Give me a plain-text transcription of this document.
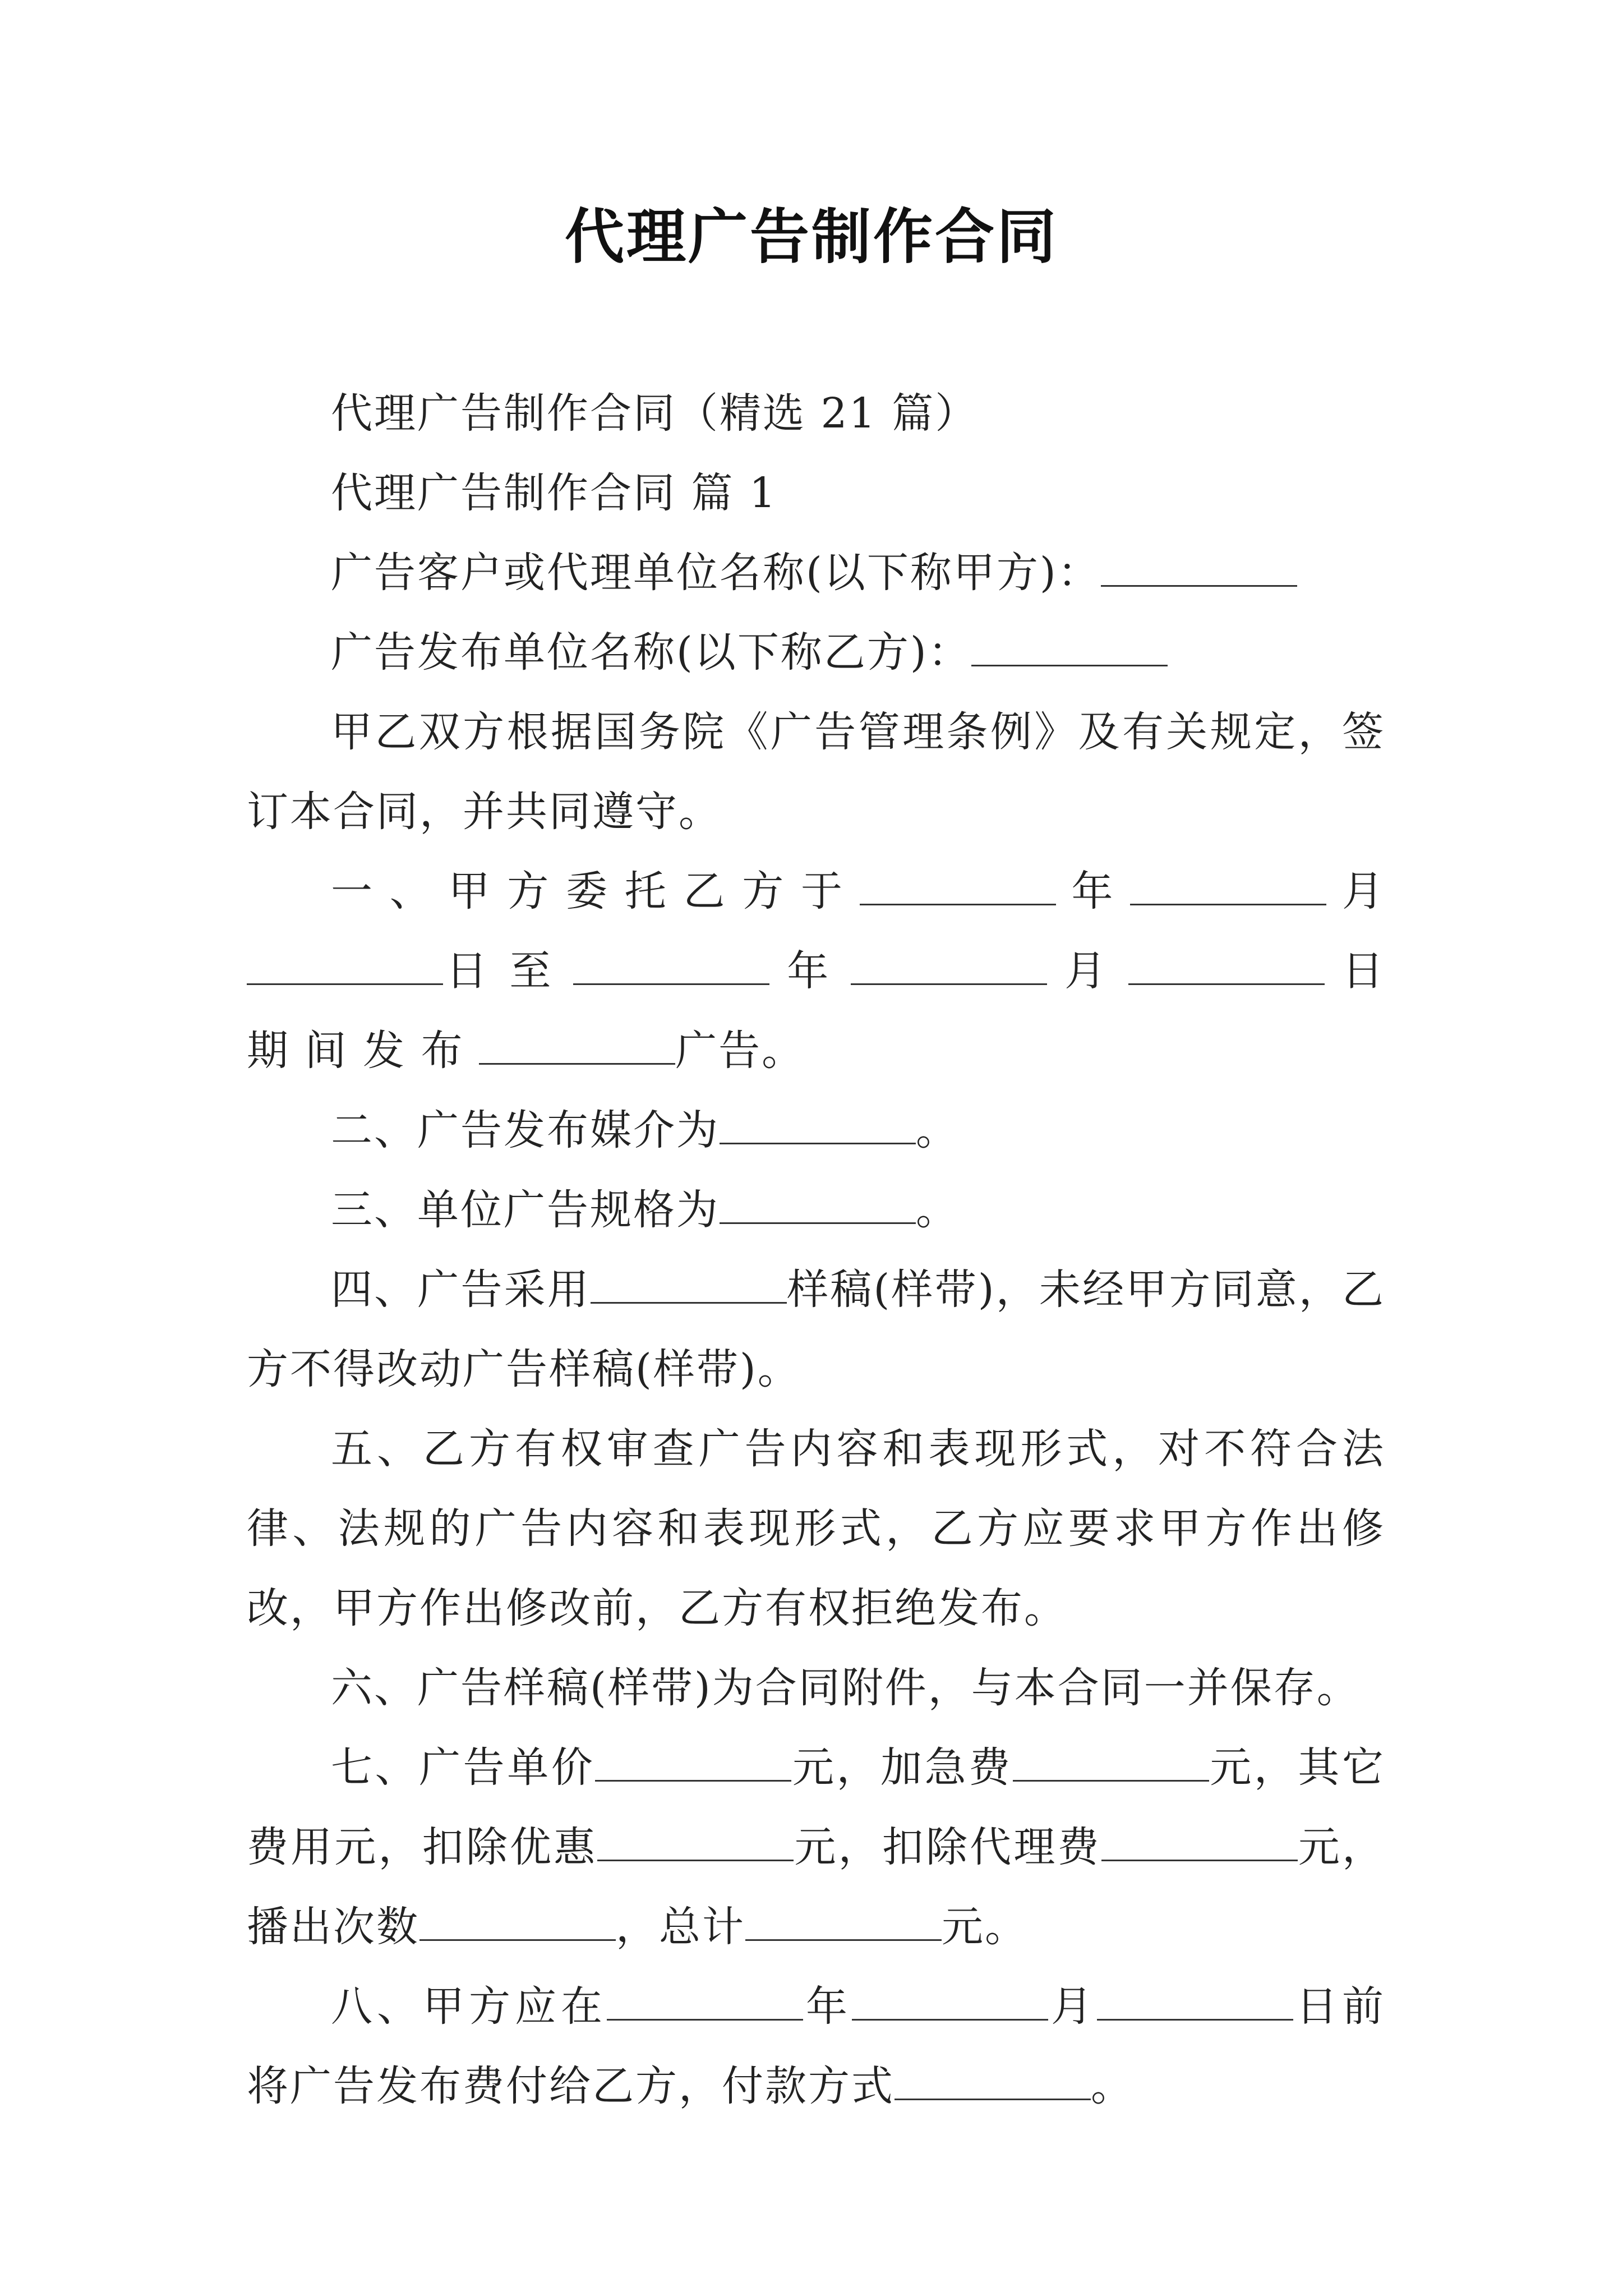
代理广告制作合同

代理广告制作合同（精选 21 篇）

代理广告制作合同 篇 1

广告客户或代理单位名称(以下称甲方)：

广告发布单位名称(以下称乙方)：

甲乙双方根据国务院《广告管理条例》及有关规定，签订本合同，并共同遵守。

一、甲方委托乙方于	年	月日 至	年	月	日 期 间 发 布	广告。

二、广告发布媒介为	。

三、单位广告规格为	。

四、广告采用	样稿(样带)，未经甲方同意，乙方不得改动广告样稿(样带)。

五、乙方有权审查广告内容和表现形式，对不符合法律、法规的广告内容和表现形式，乙方应要求甲方作出修改，甲方作出修改前，乙方有权拒绝发布。

六、广告样稿(样带)为合同附件，与本合同一并保存。

七、广告单价	元，加急费	元，其它费用元，扣除优惠	元，扣除代理费	元，播出次数	，总计	元。

八、甲方应在	年	月	日前将广告发布费付给乙方，付款方式	。
